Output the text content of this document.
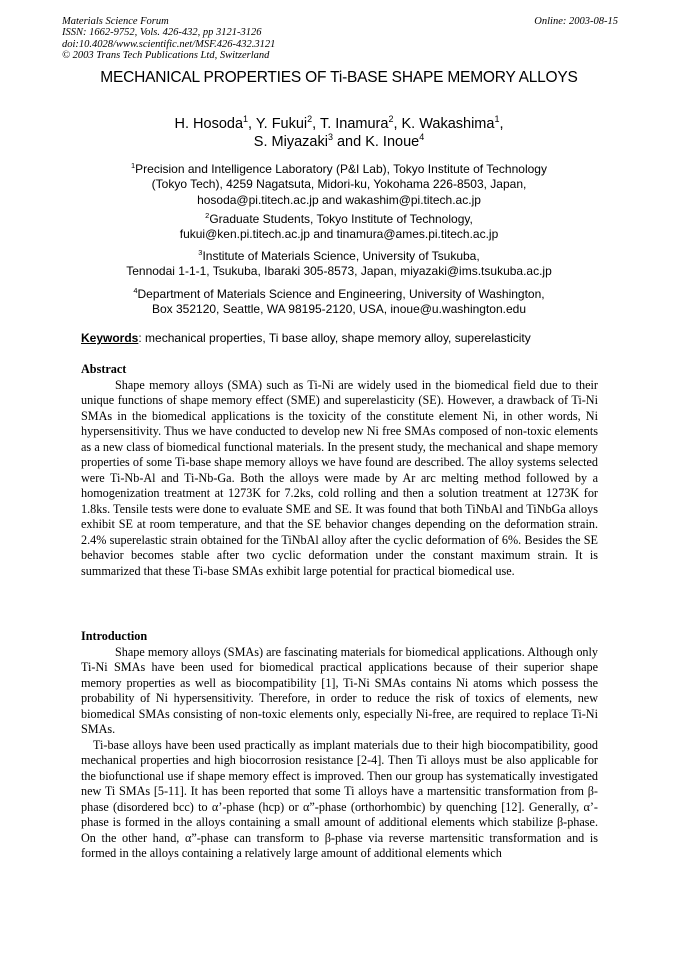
Materials Science Forum
ISSN: 1662-9752, Vols. 426-432, pp 3121-3126
doi:10.4028/www.scientific.net/MSF.426-432.3121
© 2003 Trans Tech Publications Ltd, Switzerland
Online: 2003-08-15
MECHANICAL PROPERTIES OF Ti-BASE SHAPE MEMORY ALLOYS
H. Hosoda$^1$, Y. Fukui$^2$, T. Inamura$^2$, K. Wakashima$^1$,
S. Miyazaki$^3$ and K. Inoue$^4$
$^1$Precision and Intelligence Laboratory (P&I Lab), Tokyo Institute of Technology
(Tokyo Tech), 4259 Nagatsuta, Midori-ku, Yokohama 226-8503, Japan,
hosoda@pi.titech.ac.jp and wakashim@pi.titech.ac.jp
$^2$Graduate Students, Tokyo Institute of Technology,
fukui@ken.pi.titech.ac.jp and tinamura@ames.pi.titech.ac.jp
$^3$Institute of Materials Science, University of Tsukuba,
Tennodai 1-1-1, Tsukuba, Ibaraki 305-8573, Japan, miyazaki@ims.tsukuba.ac.jp
$^4$Department of Materials Science and Engineering, University of Washington,
Box 352120, Seattle, WA 98195-2120, USA, inoue@u.washington.edu
Keywords: mechanical properties, Ti base alloy, shape memory alloy, superelasticity
Abstract

Shape memory alloys (SMA) such as Ti-Ni are widely used in the biomedical field due to their unique functions of shape memory effect (SME) and superelasticity (SE). However, a drawback of Ti-Ni SMAs in the biomedical applications is the toxicity of the constitute element Ni, in other words, Ni hypersensitivity. Thus we have conducted to develop new Ni free SMAs composed of non-toxic elements as a new class of biomedical functional materials. In the present study, the mechanical and shape memory properties of some Ti-base shape memory alloys we have found are described. The alloy systems selected were Ti-Nb-Al and Ti-Nb-Ga. Both the alloys were made by Ar arc melting method followed by a homogenization treatment at 1273K for 7.2ks, cold rolling and then a solution treatment at 1273K for 1.8ks. Tensile tests were done to evaluate SME and SE. It was found that both TiNbAl and TiNbGa alloys exhibit SE at room temperature, and that the SE behavior changes depending on the deformation strain. 2.4% superelastic strain obtained for the TiNbAl alloy after the cyclic deformation of 6%. Besides the SE behavior becomes stable after two cyclic deformation under the constant maximum strain. It is summarized that these Ti-base SMAs exhibit large potential for practical biomedical use.

Introduction

Shape memory alloys (SMAs) are fascinating materials for biomedical applications. Although only Ti-Ni SMAs have been used for biomedical practical applications because of their superior shape memory properties as well as biocompatibility [1], Ti-Ni SMAs contains Ni atoms which possess the probability of Ni hypersensitivity. Therefore, in order to reduce the risk of toxics of elements, new biomedical SMAs consisting of non-toxic elements only, especially Ni-free, are required to replace Ti-Ni SMAs.

Ti-base alloys have been used practically as implant materials due to their high biocompatibility, good mechanical properties and high biocorrosion resistance [2-4]. Then Ti alloys must be also applicable for the biofunctional use if shape memory effect is improved. Then our group has systematically investigated new Ti SMAs [5-11]. It has been reported that some Ti alloys have a martensitic transformation from β-phase (disordered bcc) to α’-phase (hcp) or α”-phase (orthorhombic) by quenching [12]. Generally, α’-phase is formed in the alloys containing a small amount of additional elements which stabilize β-phase. On the other hand, α”-phase can transform to β-phase via reverse martensitic transformation and is formed in the alloys containing a relatively large amount of additional elements which
